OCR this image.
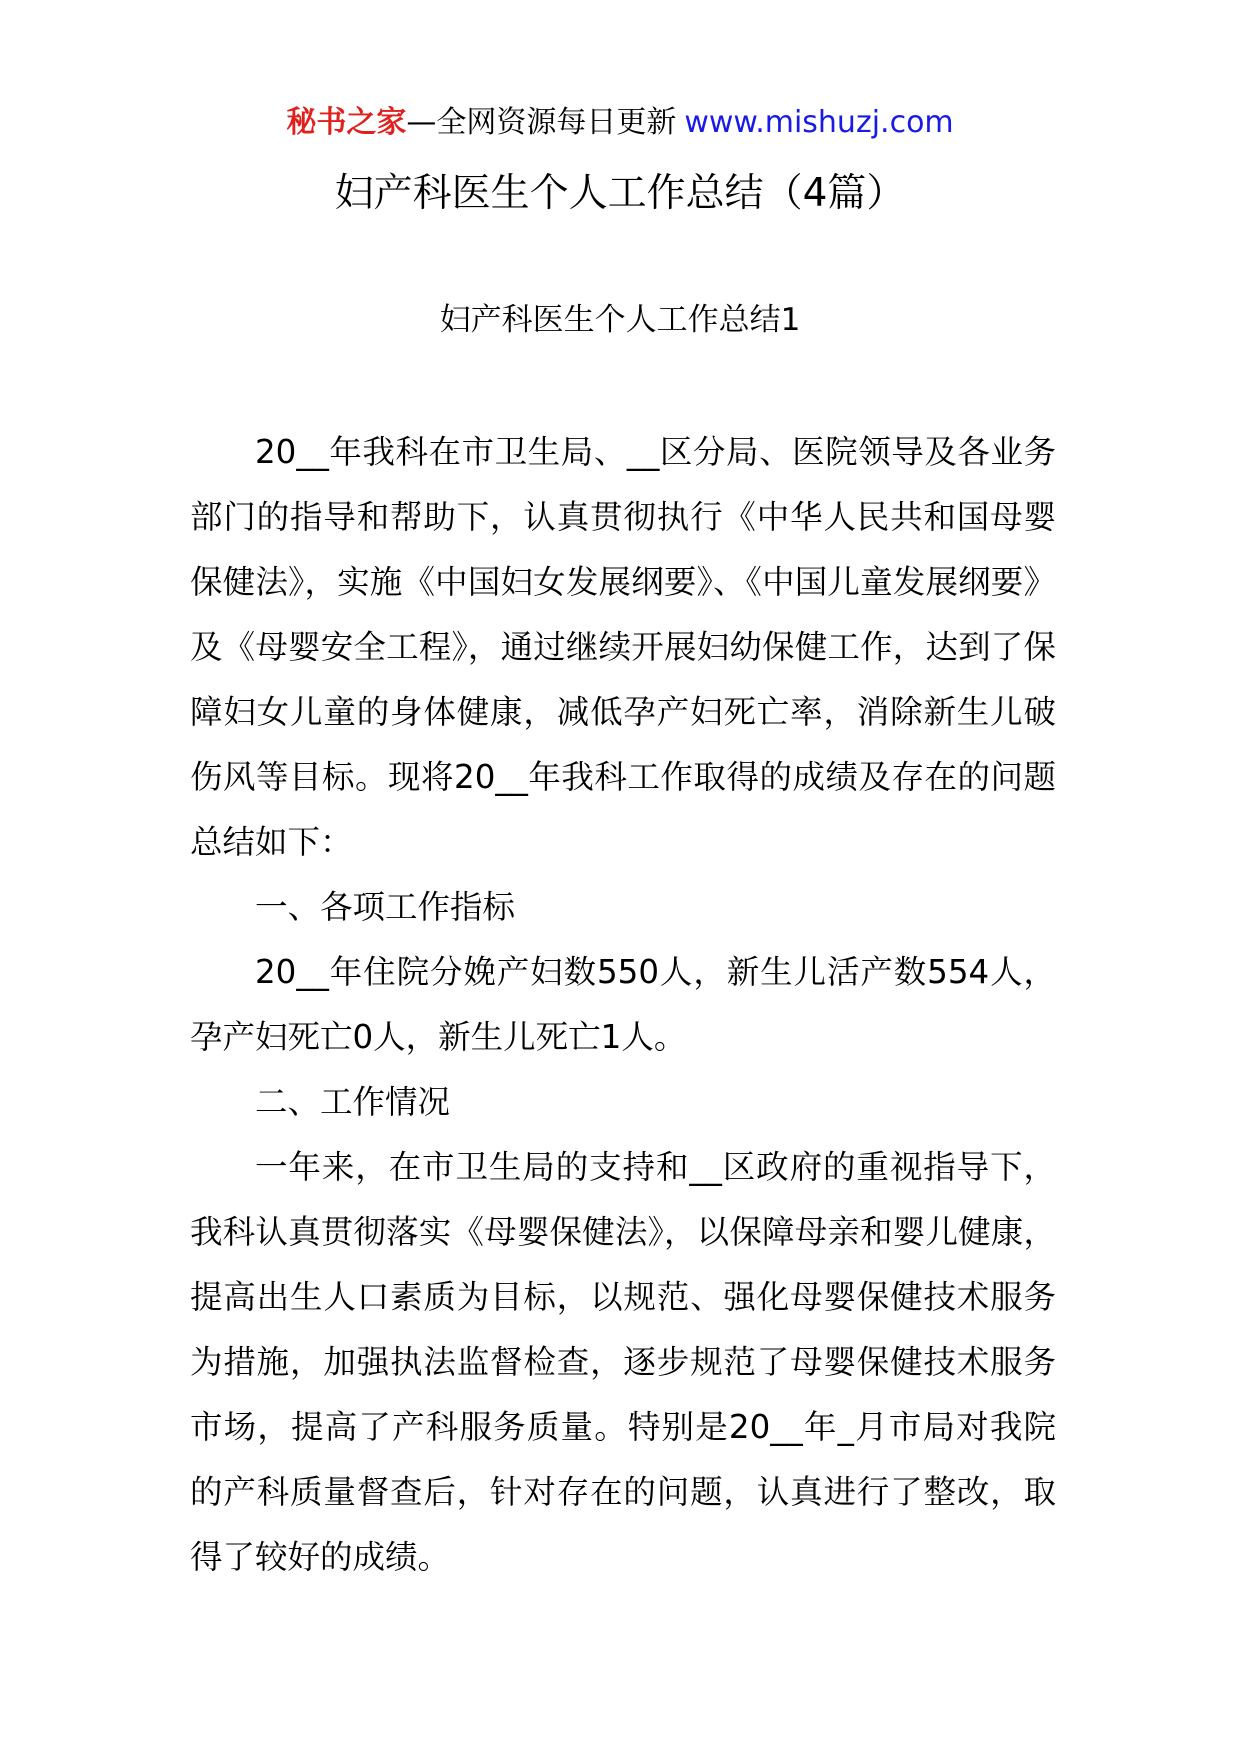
秘书之家—全网资源每日更新 www.mishuzj.com
妇产科医生个人工作总结（4篇）
妇产科医生个人工作总结1

20__年我科在市卫生局、__区分局、医院领导及各业务部门的指导和帮助下，认真贯彻执行《中华人民共和国母婴保健法》，实施《中国妇女发展纲要》、《中国儿童发展纲要》及《母婴安全工程》，通过继续开展妇幼保健工作，达到了保障妇女儿童的身体健康，减低孕产妇死亡率，消除新生儿破伤风等目标。现将20__年我科工作取得的成绩及存在的问题总结如下：

一、各项工作指标

20__年住院分娩产妇数550人，新生儿活产数554人，孕产妇死亡0人，新生儿死亡1人。

二、工作情况

一年来，在市卫生局的支持和__区政府的重视指导下，我科认真贯彻落实《母婴保健法》，以保障母亲和婴儿健康，提高出生人口素质为目标，以规范、强化母婴保健技术服务为措施，加强执法监督检查，逐步规范了母婴保健技术服务市场，提高了产科服务质量。特别是20__年_月市局对我院的产科质量督查后，针对存在的问题，认真进行了整改，取得了较好的成绩。
